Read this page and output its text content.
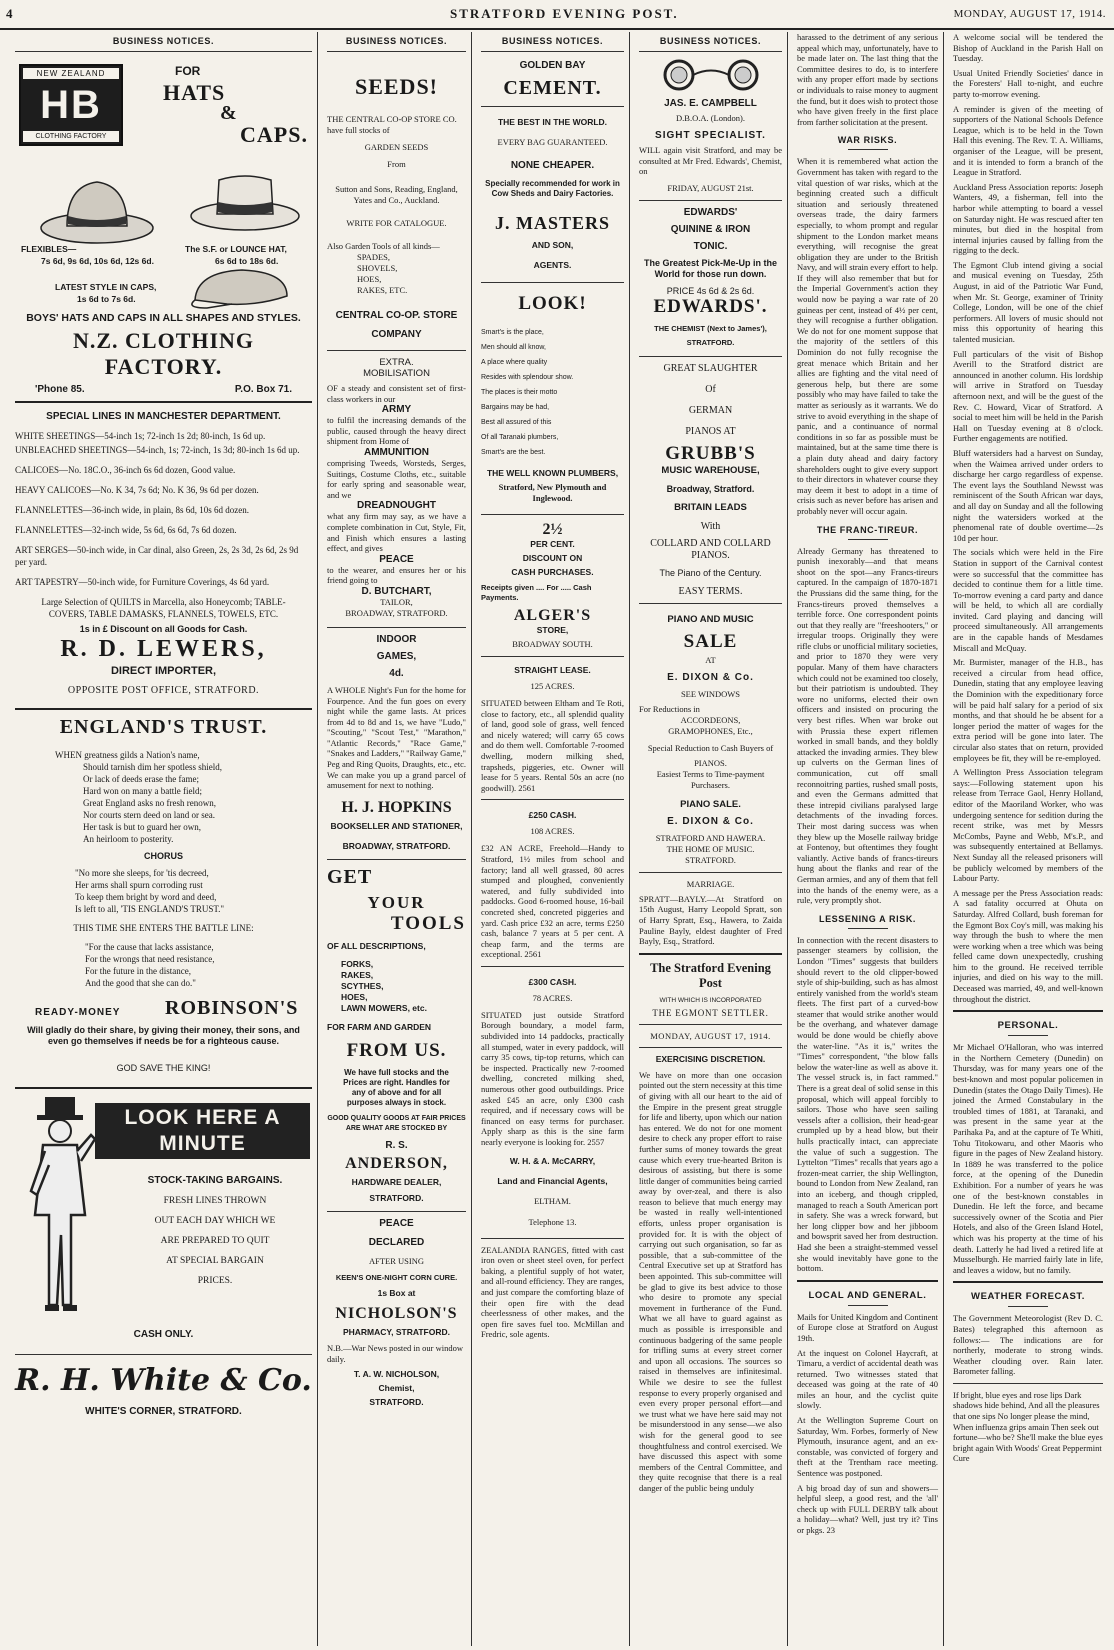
4	STRATFORD EVENING POST.	MONDAY, AUGUST 17, 1914.
BUSINESS NOTICES.
NEW ZEALAND
HB
CLOTHING FACTORY
FOR
HATS
&
CAPS.
FLEXIBLES—
7s 6d, 9s 6d, 10s 6d, 12s 6d.
The S.F. or LOUNCE HAT,
6s 6d to 18s 6d.
LATEST STYLE IN CAPS,
1s 6d to 7s 6d.
BOYS' HATS AND CAPS IN ALL SHAPES AND STYLES.
N.Z. CLOTHING FACTORY.
'Phone 85.	P.O. Box 71.
SPECIAL LINES IN MANCHESTER DEPARTMENT.
WHITE SHEETINGS—54-inch 1s; 72-inch 1s 2d; 80-inch, 1s 6d up.
UNBLEACHED SHEETINGS—54-inch, 1s; 72-inch, 1s 3d; 80-inch 1s 6d up.
CALICOES—No. 18C.O., 36-inch 6s 6d dozen, Good value.
HEAVY CALICOES—No. K 34, 7s 6d; No. K 36, 9s 6d per dozen.
FLANNELETTES—36-inch wide, in plain, 8s 6d, 10s 6d dozen.
FLANNELETTES—32-inch wide, 5s 6d, 6s 6d, 7s 6d dozen.
ART SERGES—50-inch wide, in Car dinal, also Green, 2s, 2s 3d, 2s 6d, 2s 9d per yard.
ART TAPESTRY—50-inch wide, for Furniture Coverings, 4s 6d yard.
Large Selection of QUILTS in Marcella, also Honeycomb; TABLE-COVERS, TABLE DAMASKS, FLANNELS, TOWELS, ETC.
1s in £ Discount on all Goods for Cash.
R. D. LEWERS,
DIRECT IMPORTER,
OPPOSITE POST OFFICE, STRATFORD.
ENGLAND'S TRUST.
WHEN greatness gilds a Nation's name,
Should tarnish dim her spotless shield,
Or lack of deeds erase the fame;
Hard won on many a battle field;
Great England asks no fresh renown,
Nor courts stern deed on land or sea.
Her task is but to guard her own,
An heirloom to posterity.
CHORUS
"No more she sleeps, for 'tis decreed,
Her arms shall spurn corroding rust
To keep them bright by word and deed,
Is left to all, 'TIS ENGLAND'S TRUST."
THIS TIME SHE ENTERS THE BATTLE LINE:
"For the cause that lacks assistance,
For the wrongs that need resistance,
For the future in the distance,
And the good that she can do."
READY-MONEY ROBINSON'S
Will gladly do their share, by giving their money, their sons, and even go themselves if needs be for a righteous cause.
GOD SAVE THE KING!
LOOK HERE A MINUTE
STOCK-TAKING BARGAINS.
FRESH LINES THROWN
OUT EACH DAY WHICH WE
ARE PREPARED TO QUIT
AT SPECIAL BARGAIN
PRICES.
CASH ONLY.
R. H. White & Co.
WHITE'S CORNER, STRATFORD.
BUSINESS NOTICES.
SEEDS!
THE CENTRAL CO-OP STORE CO. have full stocks of
GARDEN SEEDS
From
Sutton and Sons, Reading, England, Yates and Co., Auckland.
WRITE FOR CATALOGUE.
Also Garden Tools of all kinds—
SPADES,
SHOVELS,
HOES,
RAKES, ETC.
CENTRAL CO-OP. STORE
COMPANY
EXTRA.
MOBILISATION
OF a steady and consistent set of first-class workers in our
ARMY
to fulfil the increasing demands of the public, caused through the heavy direct shipment from Home of
AMMUNITION
comprising Tweeds, Worsteds, Serges, Suitings, Costume Cloths, etc., suitable for early spring and seasonable wear, and we
DREADNOUGHT
what any firm may say, as we have a complete combination in Cut, Style, Fit, and Finish which ensures a lasting effect, and gives
PEACE
to the wearer, and ensures her or his friend going to
D. BUTCHART,
TAILOR,
BROADWAY, STRATFORD.
INDOOR
GAMES,
4d.
A WHOLE Night's Fun for the home for Fourpence. And the fun goes on every night while the game lasts. At prices from 4d to 8d and 1s, we have "Ludo," "Scouting," "Scout Test," "Marathon," "Atlantic Records," "Race Game," "Snakes and Ladders," "Railway Game," Peg and Ring Quoits, Draughts, etc., etc. We can make you up a grand parcel of amusement for next to nothing.
H. J. HOPKINS
BOOKSELLER AND STATIONER,
BROADWAY, STRATFORD.
GET
YOUR
TOOLS
OF ALL DESCRIPTIONS,
FORKS,
RAKES,
SCYTHES,
HOES,
LAWN MOWERS, etc.
FOR FARM AND GARDEN
FROM US.
We have full stocks and the Prices are right. Handles for any of above and for all purposes always in stock.
GOOD QUALITY GOODS AT FAIR PRICES ARE WHAT ARE STOCKED BY
R. S.
ANDERSON,
HARDWARE DEALER,
STRATFORD.
PEACE
DECLARED
AFTER USING
KEEN'S ONE-NIGHT CORN CURE.
1s Box at
NICHOLSON'S
PHARMACY, STRATFORD.
N.B.—War News posted in our window daily.
T. A. W. NICHOLSON,
Chemist,
STRATFORD.
BUSINESS NOTICES.
GOLDEN BAY
CEMENT.
THE BEST IN THE WORLD.
EVERY BAG GUARANTEED.
NONE CHEAPER.
Specially recommended for work in Cow Sheds and Dairy Factories.
J. MASTERS
AND SON,
AGENTS.
LOOK!
Smart's is the place,
Men should all know,
A place where quality
Resides with splendour show.
The places is their motto
Bargains may be had,
Best all assured of this
Of all Taranaki plumbers,
Smart's are the best.
THE WELL KNOWN PLUMBERS,
Stratford, New Plymouth and Inglewood.
2½
PER CENT.
DISCOUNT ON
CASH PURCHASES.
Receipts given .... For ..... Cash Payments.
ALGER'S
STORE,
BROADWAY SOUTH.
STRAIGHT LEASE.
125 ACRES.
SITUATED between Eltham and Te Roti, close to factory, etc., all splendid quality of land, good sole of grass, well fenced and nicely watered; will carry 65 cows and do them well. Comfortable 7-roomed dwelling, modern milking shed, trapsheds, piggeries, etc. Owner will lease for 5 years. Rental 50s an acre (no goodwill). 2561
£250 CASH.
108 ACRES.
£32 AN ACRE, Freehold—Handy to Stratford, 1½ miles from school and factory; land all well grassed, 80 acres stumped and ploughed, conveniently watered, and fully subdivided into paddocks. Good 6-roomed house, 16-bail concreted shed, concreted piggeries and yard. Cash price £32 an acre, terms £250 cash, balance 7 years at 5 per cent. A cheap farm, and the terms are exceptional. 2561
£300 CASH.
78 ACRES.
SITUATED just outside Stratford Borough boundary, a model farm, subdivided into 14 paddocks, practically all stumped, water in every paddock, will carry 35 cows, tip-top returns, which can be inspected. Practically new 7-roomed dwelling, concreted milking shed, numerous other good outbuildings. Price asked £45 an acre, only £300 cash required, and if necessary cows will be financed on easy terms for purchaser. Apply sharp as this is the sine farm nearly everyone is looking for. 2557
W. H. & A. McCARRY,
Land and Financial Agents,
ELTHAM.
Telephone 13.
ZEALANDIA RANGES, fitted with cast iron oven or sheet steel oven, for perfect baking, a plentiful supply of hot water, and all-round efficiency. They are ranges, and just compare the comforting blaze of their open fire with the dead cheerlessness of other makes, and the open fire saves fuel too. McMillan and Fredric, sole agents.
BUSINESS NOTICES.
JAS. E. CAMPBELL
D.B.O.A. (London).
SIGHT SPECIALIST.
WILL again visit Stratford, and may be consulted at Mr Fred. Edwards', Chemist, on
FRIDAY, AUGUST 21st.
EDWARDS'
QUININE & IRON
TONIC.
The Greatest Pick-Me-Up in the World for those run down.
PRICE 4s 6d & 2s 6d.
EDWARDS'.
THE CHEMIST (Next to James'), STRATFORD.
GREAT SLAUGHTER
Of
GERMAN
PIANOS AT
GRUBB'S
MUSIC WAREHOUSE,
Broadway, Stratford.
BRITAIN LEADS
With
COLLARD AND COLLARD PIANOS.
The Piano of the Century.
EASY TERMS.
PIANO AND MUSIC
SALE
AT
E. DIXON & Co.
SEE WINDOWS
For Reductions in
ACCORDEONS,
GRAMOPHONES, Etc.,
Special Reduction to Cash Buyers of
PIANOS.
Easiest Terms to Time-payment Purchasers.
PIANO SALE.
E. DIXON & Co.
STRATFORD AND HAWERA.
THE HOME OF MUSIC.
STRATFORD.
MARRIAGE.
SPRATT—BAYLY.—At Stratford on 15th August, Harry Leopold Spratt, son of Harry Spratt, Esq., Hawera, to Zaida Pauline Bayly, eldest daughter of Fred Bayly, Esq., Stratford.
The Stratford Evening Post
WITH WHICH IS INCORPORATED
THE EGMONT SETTLER.
MONDAY, AUGUST 17, 1914.
EXERCISING DISCRETION.
We have on more than one occasion pointed out the stern necessity at this time of giving with all our heart to the aid of the Empire in the present great struggle for life and liberty, upon which our nation has entered. We do not for one moment desire to check any proper effort to raise further sums of money towards the great cause which every true-hearted Briton is desirous of assisting, but there is some little danger of communities being carried away by over-zeal, and there is also reason to believe that much energy may be wasted in really well-intentioned efforts, unless proper organisation is provided for. It is with the object of carrying out such organisation, so far as possible, that a sub-committee of the Central Executive set up at Stratford has been appointed. This sub-committee will be glad to give its best advice to those who desire to promote any special movement in furtherance of the Fund. What we all have to guard against as much as possible is irresponsible and continuous badgering of the same people for trifling sums at every street corner and upon all occasions. The sources so raised in themselves are infinitesimal. While we desire to see the fullest response to every properly organised and even every proper personal effort—and we trust what we have here said may not be misunderstood in any sense—we also wish for the general good to see thoughtfulness and control exercised. We have discussed this aspect with some members of the Central Committee, and they quite recognise that there is a real danger of the public being unduly
harassed to the detriment of any serious appeal which may, unfortunately, have to be made later on. The last thing that the Committee desires to do, is to interfere with any proper effort made by sections or individuals to raise money to augment the fund, but it does wish to protect those who have given freely in the first place from farther solicitation at the present.
WAR RISKS.
When it is remembered what action the Government has taken with regard to the vital question of war risks, which at the beginning created such a difficult situation and seriously threatened overseas trade, the dairy farmers especially, to whom prompt and regular shipment to the London market means everything, will recognise the great obligation they are under to the British Navy, and will strain every effort to help. If they will also remember that but for the Imperial Government's action they would now be paying a war rate of 20 guineas per cent, instead of 4½ per cent, they will recognise a further obligation. We do not for one moment suppose that the majority of the settlers of this Dominion do not fully recognise the great menace which Britain and her allies are fighting and the vital need of generous help, but there are some possibly who may have failed to take the matter as seriously as it warrants. We do strive to avoid everything in the shape of panic, and a continuance of normal conditions in so far as possible must be maintained, but at the same time there is a plain duty ahead and dairy factory shareholders ought to give every support to their directors in whatever course they may deem it best to adopt in a time of crisis such as never before has arisen and probably never will occur again.
THE FRANC-TIREUR.
Already Germany has threatened to punish inexorably—and that means shoot on the spot—any Francs-tireurs captured. In the campaign of 1870-1871 the Prussians did the same thing, for the Francs-tireurs proved themselves a terrible force. One correspondent points out that they really are "freeshooters," or irregular troops. Originally they were rifle clubs or unofficial military societies, and prior to 1870 they were very popular. Many of them have characters which could not be examined too closely, but their patriotism is undoubted. They wore no uniforms, elected their own officers and insisted on procuring the very best rifles. When war broke out with Prussia these expert riflemen worked in small bands, and they boldly attacked the invading armies. They blew up culverts on the German lines of communication, cut off small reconnoitring parties, rushed small posts, and even the Germans admitted that these intrepid civilians paralysed large detachments of the invading forces. Their most daring success was when they blew up the Moselle railway bridge at Fontenoy, but oftentimes they fought valiantly. Active bands of francs-tireurs hung about the flanks and rear of the German armies, and any of them that fell into the hands of the enemy were, as a rule, very promptly shot.
LESSENING A RISK.
In connection with the recent disasters to passenger steamers by collision, the London "Times" suggests that builders should revert to the old clipper-bowed style of ship-building, such as has almost entirely vanished from the world's steam fleets. The first part of a curved-bow steamer that would strike another would be the overhang, and whatever damage would be done would be chiefly above the water-line. "As it is," writes the "Times" correspondent, "the blow falls below the water-line as well as above it. The vessel struck is, in fact rammed." There is a great deal of solid sense in this proposal, which will appeal forcibly to sailors. Those who have seen sailing vessels after a collision, their head-gear crumpled up by a head blow, but their hulls practically intact, can appreciate the value of such a suggestion. The Lyttelton "Times" recalls that years ago a frozen-meat carrier, the ship Wellington, bound to London from New Zealand, ran into an iceberg, and though crippled, managed to reach a South American port in safety. She was a wreck forward, but her long clipper bow and her jibboom and bowsprit saved her from destruction. Had she been a straight-stemmed vessel she would inevitably have gone to the bottom.
LOCAL AND GENERAL.
Mails for United Kingdom and Continent of Europe close at Stratford on August 19th.
At the inquest on Colonel Haycraft, at Timaru, a verdict of accidental death was returned. Two witnesses stated that deceased was going at the rate of 40 miles an hour, and the cyclist quite slowly.
At the Wellington Supreme Court on Saturday, Wm. Forbes, formerly of New Plymouth, insurance agent, and an ex-constable, was convicted of forgery and theft at the Trentham race meeting. Sentence was postponed.
A big broad day of sun and showers—helpful sleep, a good rest, and the 'all' check up with FULL DERBY talk about a holiday—what? Well, just try it? Tins or pkgs. 23
A welcome social will be tendered the Bishop of Auckland in the Parish Hall on Tuesday.
Usual United Friendly Societies' dance in the Foresters' Hall to-night, and euchre party to-morrow evening.
A reminder is given of the meeting of supporters of the National Schools Defence League, which is to be held in the Town Hall this evening. The Rev. T. A. Williams, organiser of the League, will be present, and it is intended to form a branch of the League in Stratford.
Auckland Press Association reports: Joseph Wanters, 49, a fisherman, fell into the harbor while attempting to board a vessel on Saturday night. He was rescued after ten minutes, but died in the hospital from internal injuries caused by falling from the rigging to the deck.
The Egmont Club intend giving a social and musical evening on Tuesday, 25th August, in aid of the Patriotic War Fund, when Mr. St. George, examiner of Trinity College, London, will be one of the chief performers. All lovers of music should not miss this opportunity of hearing this talented musician.
Full particulars of the visit of Bishop Averill to the Stratford district are announced in another column. His lordship will arrive in Stratford on Tuesday afternoon next, and will be the guest of the Rev. C. Howard, Vicar of Stratford. A social to meet him will be held in the Parish Hall on Tuesday evening at 8 o'clock. Further engagements are notified.
Bluff watersiders had a harvest on Sunday, when the Waimea arrived under orders to discharge her cargo regardless of expense. The event lays the Southland Newsst was reminiscent of the South African war days, and all day on Sunday and all the following night the watersiders worked at the phenomenal rate of double overtime—2s 10d per hour.
The socials which were held in the Fire Station in support of the Carnival contest were so successful that the committee has decided to continue them for a little time. To-morrow evening a card party and dance will be held, to which all are cordially invited. Card playing and dancing will proceed simultaneously. All arrangements are in the capable hands of Mesdames Miscall and McQuay.
Mr. Burmister, manager of the H.B., has received a circular from head office, Dunedin, stating that any employee leaving the Dominion with the expeditionary force will be paid half salary for a period of six months, and that should he be absent for a longer period the matter of wages for the extra period will be gone into later. The circular also states that on return, provided employees be fit, they will be re-employed.
A Wellington Press Association telegram says:—Following statement upon his release from Terrace Gaol, Henry Holland, editor of the Maoriland Worker, who was undergoing sentence for sedition during the recent strike, was met by Messrs McCombs, Payne and Webb, M's.P., and was subsequently entertained at Bellamys. Next Sunday all the released prisoners will be publicly welcomed by members of the Labour Party.
A message per the Press Association reads: A sad fatality occurred at Ohuta on Saturday. Alfred Collard, bush foreman for the Egmont Box Coy's mill, was making his way through the bush to where the men were working when a tree which was being felled came down unexpectedly, crushing him to the ground. He received terrible injuries, and died on his way to the mill. Deceased was married, 49, and well-known throughout the district.
PERSONAL.
Mr Michael O'Halloran, who was interred in the Northern Cemetery (Dunedin) on Thursday, was for many years one of the best-known and most popular policemen in Dunedin (states the Otago Daily Times). He joined the Armed Constabulary in the troubled times of 1881, at Taranaki, and was present in the same year at the Parihaka Pa, and at the capture of Te Whiti, Tohu Titokowaru, and other Maoris who figure in the pages of New Zealand history. In 1889 he was transferred to the police force, at the opening of the Dunedin Exhibition. For a number of years he was one of the best-known constables in Dunedin. He left the force, and became successively owner of the Scotia and Pier Hotels, and also of the Green Island Hotel, which was his property at the time of his death. Latterly he had lived a retired life at Musselburgh. He married fairly late in life, and leaves a widow, but no family.
WEATHER FORECAST.
The Government Meteorologist (Rev D. C. Bates) telegraphed this afternoon as follows:— The indications are for northerly, moderate to strong winds. Weather clouding over. Rain later. Barometer falling.
If bright, blue eyes and rose lips Dark shadows hide behind, And all the pleasures that one sips No longer please the mind, When influenza grips amain Then seek out fortune—who be? She'll make the blue eyes bright again With Woods' Great Peppermint Cure
